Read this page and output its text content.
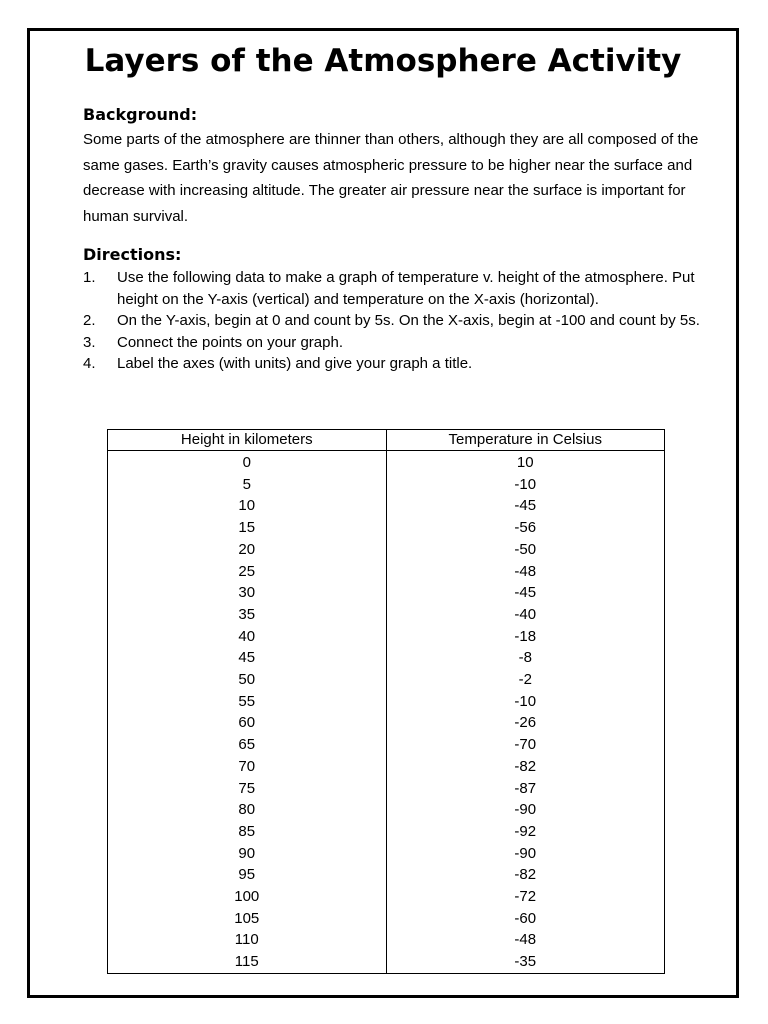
Layers of the Atmosphere Activity
Background:
Some parts of the atmosphere are thinner than others, although they are all composed of the same gases. Earth’s gravity causes atmospheric pressure to be higher near the surface and decrease with increasing altitude. The greater air pressure near the surface is important for human survival.
Directions:
1. Use the following data to make a graph of temperature v. height of the atmosphere. Put height on the Y-axis (vertical) and temperature on the X-axis (horizontal).
2. On the Y-axis, begin at 0 and count by 5s. On the X-axis, begin at -100 and count by 5s.
3. Connect the points on your graph.
4. Label the axes (with units) and give your graph a title.
Height in kilometers	Temperature in Celsius
0	10
5	-10
10	-45
15	-56
20	-50
25	-48
30	-45
35	-40
40	-18
45	-8
50	-2
55	-10
60	-26
65	-70
70	-82
75	-87
80	-90
85	-92
90	-90
95	-82
100	-72
105	-60
110	-48
115	-35
